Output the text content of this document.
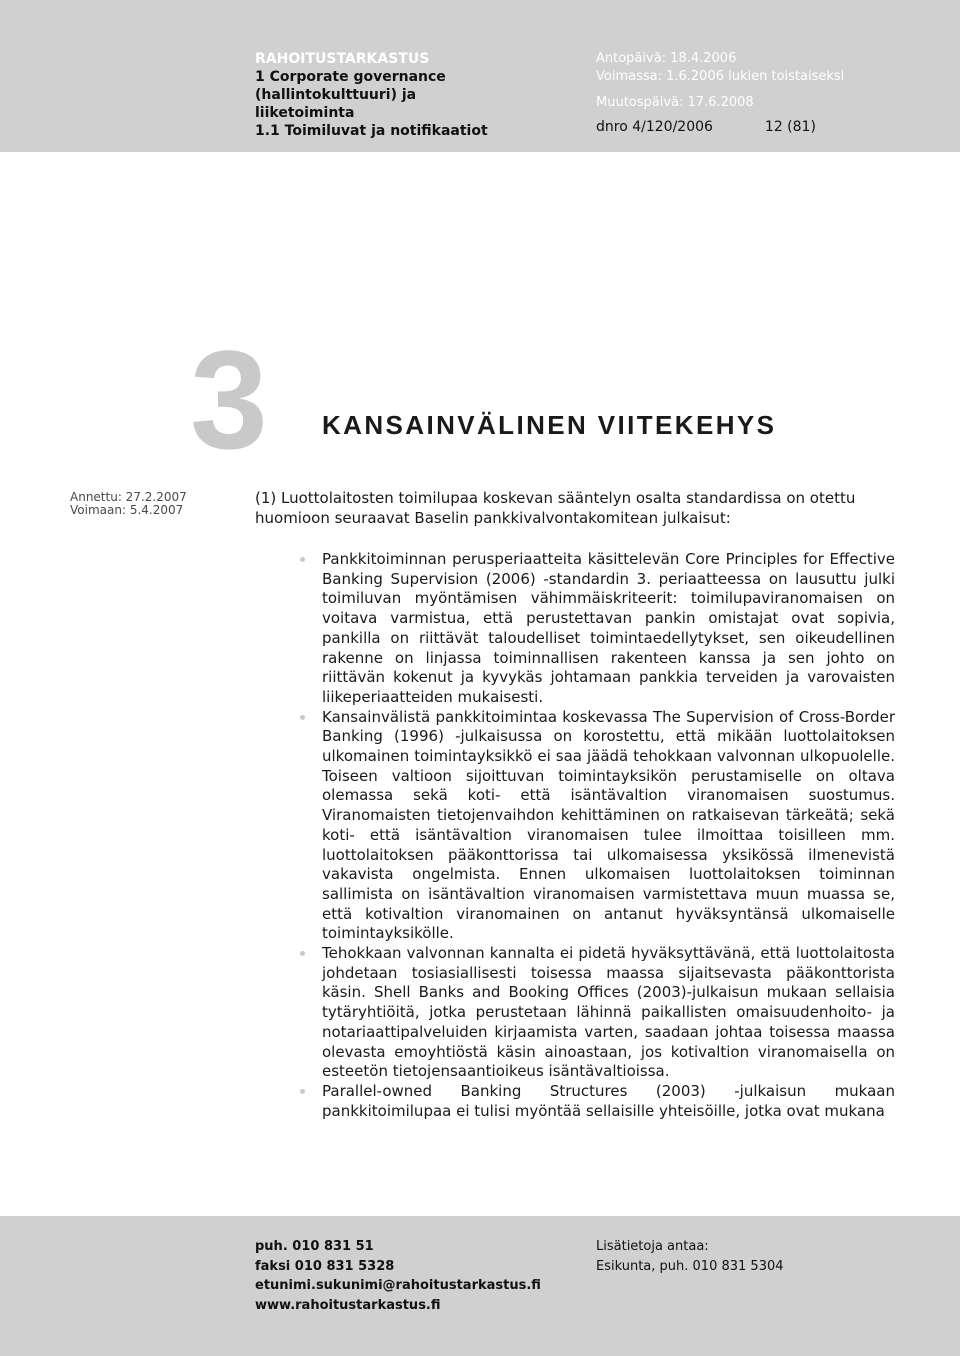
RAHOITUSTARKASTUS
1 Corporate governance (hallintokulttuuri) ja
liiketoiminta
1.1 Toimiluvat ja notifikaatiot
Antopäivä: 18.4.2006
Voimassa: 1.6.2006 lukien toistaiseksi
Muutospäivä: 17.6.2008
dnro 4/120/2006	12 (81)
3 KANSAINVÄLINEN VIITEKEHYS
Annettu: 27.2.2007
Voimaan: 5.4.2007

(1) Luottolaitosten toimilupaa koskevan sääntelyn osalta standardissa on otettu huomioon seuraavat Baselin pankkivalvontakomitean julkaisut:

Pankkitoiminnan perusperiaatteita käsittelevän Core Principles for Effective Banking Supervision (2006) -standardin 3. periaatteessa on lausuttu julki toimiluvan myöntämisen vähimmäiskriteerit: toimilupaviranomaisen on voitava varmistua, että perustettavan pankin omistajat ovat sopivia, pankilla on riittävät taloudelliset toimintaedellytykset, sen oikeudellinen rakenne on linjassa toiminnallisen rakenteen kanssa ja sen johto on riittävän kokenut ja kyvykäs johtamaan pankkia terveiden ja varovaisten liikeperiaatteiden mukaisesti.
Kansainvälistä pankkitoimintaa koskevassa The Supervision of Cross-Border Banking (1996) -julkaisussa on korostettu, että mikään luottolaitoksen ulkomainen toimintayksikkö ei saa jäädä tehokkaan valvonnan ulkopuolelle. Toiseen valtioon sijoittuvan toimintayksikön perustamiselle on oltava olemassa sekä koti- että isäntävaltion viranomaisen suostumus. Viranomaisten tietojenvaihdon kehittäminen on ratkaisevan tärkeätä; sekä koti- että isäntävaltion viranomaisen tulee ilmoittaa toisilleen mm. luottolaitoksen pääkonttorissa tai ulkomaisessa yksikössä ilmenevistä vakavista ongelmista. Ennen ulkomaisen luottolaitoksen toiminnan sallimista on isäntävaltion viranomaisen varmistettava muun muassa se, että kotivaltion viranomainen on antanut hyväksyntänsä ulkomaiselle toimintayksikölle.
Tehokkaan valvonnan kannalta ei pidetä hyväksyttävänä, että luottolaitosta johdetaan tosiasiallisesti toisessa maassa sijaitsevasta pääkonttorista käsin. Shell Banks and Booking Offices (2003)-julkaisun mukaan sellaisia tytäryhtiöitä, jotka perustetaan lähinnä paikallisten omaisuudenhoito- ja notariaattipalveluiden kirjaamista varten, saadaan johtaa toisessa maassa olevasta emoyhtiöstä käsin ainoastaan, jos kotivaltion viranomaisella on esteetön tietojensaantioikeus isäntävaltioissa.
Parallel-owned Banking Structures (2003) -julkaisun mukaan pankkitoimilupaa ei tulisi myöntää sellaisille yhteisöille, jotka ovat mukana
puh. 010 831 51
faksi 010 831 5328
etunimi.sukunimi@rahoitustarkastus.fi
www.rahoitustarkastus.fi
Lisätietoja antaa:
Esikunta, puh. 010 831 5304
